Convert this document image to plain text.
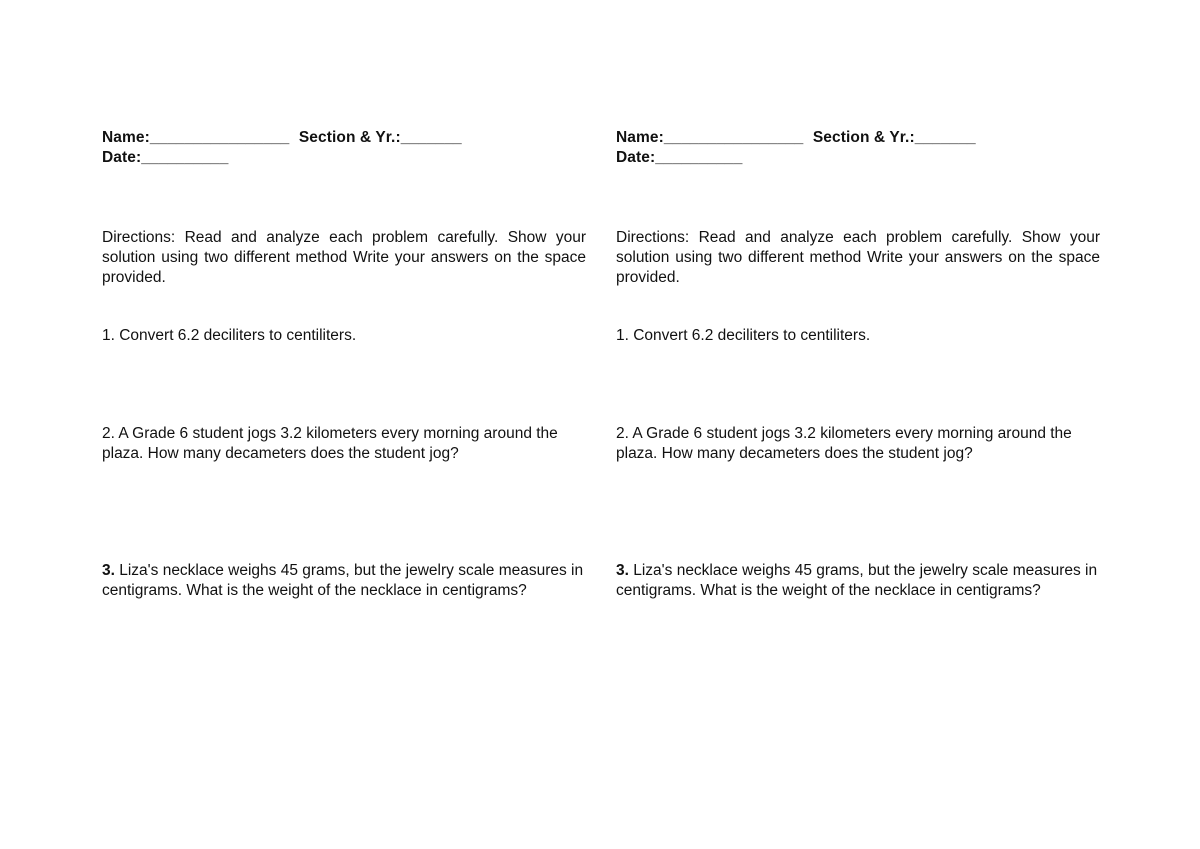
Name:________________ Section & Yr.:_______
Date:__________
Directions: Read and analyze each problem carefully. Show your solution using two different method Write your answers on the space provided.
1. Convert 6.2 deciliters to centiliters.
2. A Grade 6 student jogs 3.2 kilometers every morning around the plaza. How many decameters does the student jog?
3. Liza's necklace weighs 45 grams, but the jewelry scale measures in centigrams. What is the weight of the necklace in centigrams?
Name:________________ Section & Yr.:_______
Date:__________
Directions: Read and analyze each problem carefully. Show your solution using two different method Write your answers on the space provided.
1. Convert 6.2 deciliters to centiliters.
2. A Grade 6 student jogs 3.2 kilometers every morning around the plaza. How many decameters does the student jog?
3. Liza's necklace weighs 45 grams, but the jewelry scale measures in centigrams. What is the weight of the necklace in centigrams?
